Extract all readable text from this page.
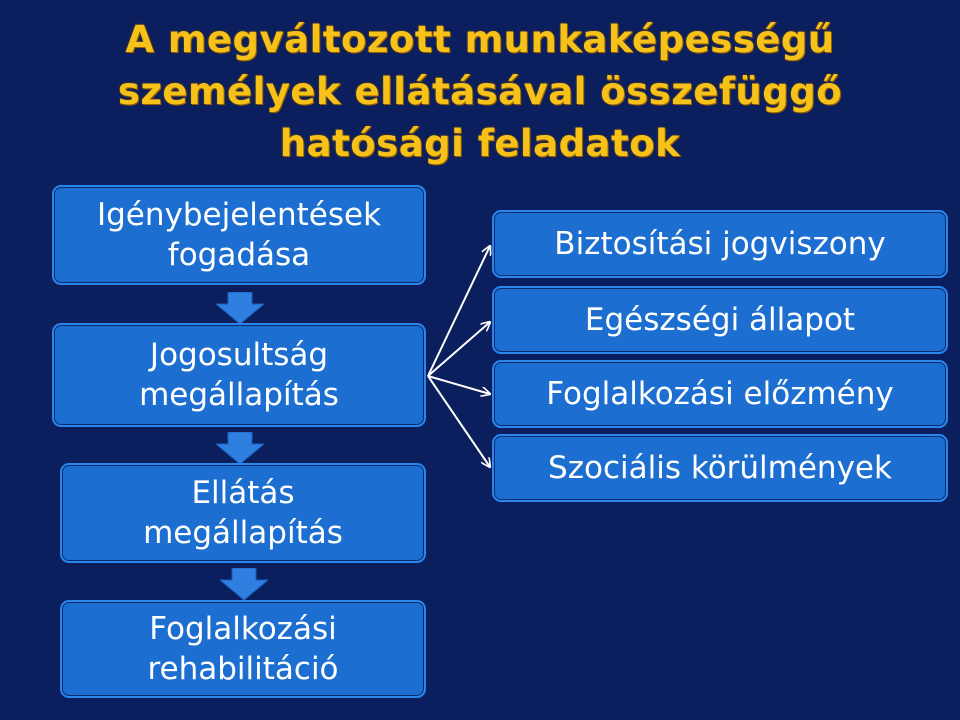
A megváltozott munkaképességű
személyek ellátásával összefüggő
hatósági feladatok
Igénybejelentések
fogadása
Jogosultság
megállapítás
Ellátás
megállapítás
Foglalkozási
rehabilitáció
Biztosítási jogviszony
Egészségi állapot
Foglalkozási előzmény
Szociális körülmények
